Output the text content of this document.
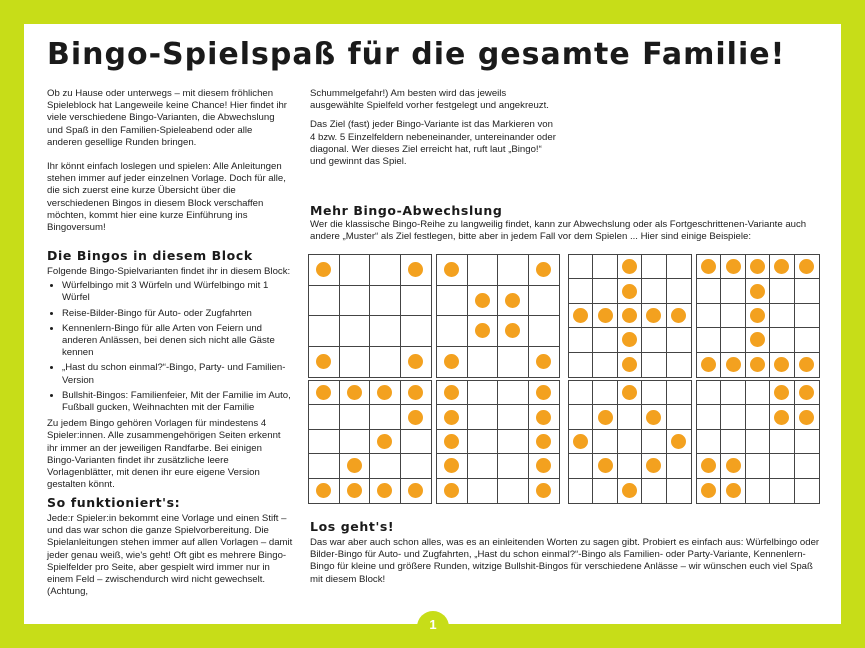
Bingo-Spielspaß für die gesamte Familie!

Ob zu Hause oder unterwegs – mit diesem fröhlichen Spieleblock hat Langeweile keine Chance! Hier findet ihr viele verschiedene Bingo-Varianten, die Abwechslung und Spaß in den Familien-Spieleabend oder alle anderen gesellige Runden bringen.

Ihr könnt einfach loslegen und spielen: Alle Anleitungen stehen immer auf jeder einzelnen Vorlage. Doch für alle, die sich zuerst eine kurze Übersicht über die verschiedenen Bingos in diesem Block verschaffen möchten, kommt hier eine kurze Einführung ins Bingoversum!

Die Bingos in diesem Block
Folgende Bingo-Spielvarianten findet ihr in diesem Block:
• Würfelbingo mit 3 Würfeln und Würfelbingo mit 1 Würfel
• Reise-Bilder-Bingo für Auto- oder Zugfahrten
• Kennenlern-Bingo für alle Arten von Feiern und anderen Anlässen, bei denen sich nicht alle Gäste kennen
• „Hast du schon einmal?“-Bingo, Party- und Familien-Version
• Bullshit-Bingos: Familienfeier, Mit der Familie im Auto, Fußball gucken, Weihnachten mit der Familie
Zu jedem Bingo gehören Vorlagen für mindestens 4 Spieler:innen. Alle zusammengehörigen Seiten erkennt ihr immer an der jeweiligen Randfarbe. Bei einigen Bingo-Varianten findet ihr zusätzliche leere Vorlagenblätter, mit denen ihr eure eigene Version gestalten könnt.
So funktioniert's:
Jede:r Spieler:in bekommt eine Vorlage und einen Stift – und das war schon die ganze Spielvorbereitung. Die Spielanleitungen stehen immer auf allen Vorlagen – damit jeder genau weiß, wie's geht! Oft gibt es mehrere Bingo-Spielfelder pro Seite, aber gespielt wird immer nur in einem Feld – zwischendurch wird nicht gewechselt. (Achtung,

Schummelgefahr!) Am besten wird das jeweils ausgewählte Spielfeld vorher festgelegt und angekreuzt.

Das Ziel (fast) jeder Bingo-Variante ist das Markieren von 4 bzw. 5 Einzelfeldern nebeneinander, untereinander oder diagonal. Wer dieses Ziel erreicht hat, ruft laut „Bingo!“ und gewinnt das Spiel.

Mehr Bingo-Abwechslung
Wer die klassische Bingo-Reihe zu langweilig findet, kann zur Abwechslung oder als Fortgeschrittenen-Variante auch andere „Muster“ als Ziel festlegen, bitte aber in jedem Fall vor dem Spielen ... Hier sind einige Beispiele:
Los geht's!
Das war aber auch schon alles, was es an einleitenden Worten zu sagen gibt. Probiert es einfach aus: Würfelbingo oder Bilder-Bingo für Auto- und Zugfahrten, „Hast du schon einmal?“-Bingo als Familien- oder Party-Variante, Kennenlern-Bingo für kleine und größere Runden, witzige Bullshit-Bingos für verschiedene Anlässe – wir wünschen euch viel Spaß mit diesem Block!
1
